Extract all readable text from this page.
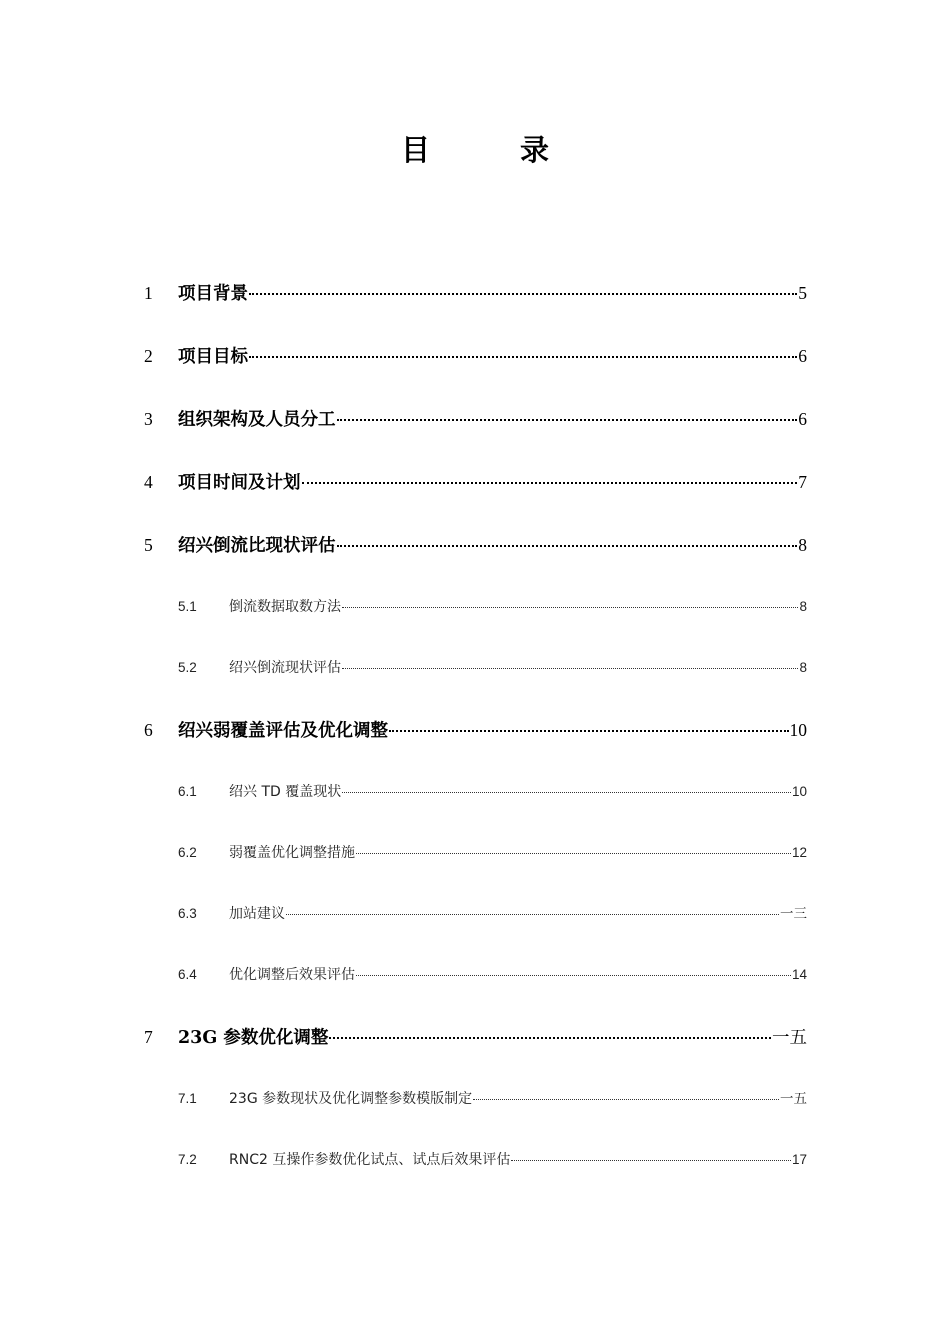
目 录
1	项目背景	5
2	项目目标	6
3	组织架构及人员分工	6
4	项目时间及计划	7
5	绍兴倒流比现状评估	8
5.1	倒流数据取数方法	8
5.2	绍兴倒流现状评估	8
6	绍兴弱覆盖评估及优化调整	10
6.1	绍兴 TD 覆盖现状	10
6.2	弱覆盖优化调整措施	12
6.3	加站建议	一三
6.4	优化调整后效果评估	14
7	23G 参数优化调整	一五
7.1	23G 参数现状及优化调整参数模版制定	一五
7.2	RNC2 互操作参数优化试点、试点后效果评估	17
